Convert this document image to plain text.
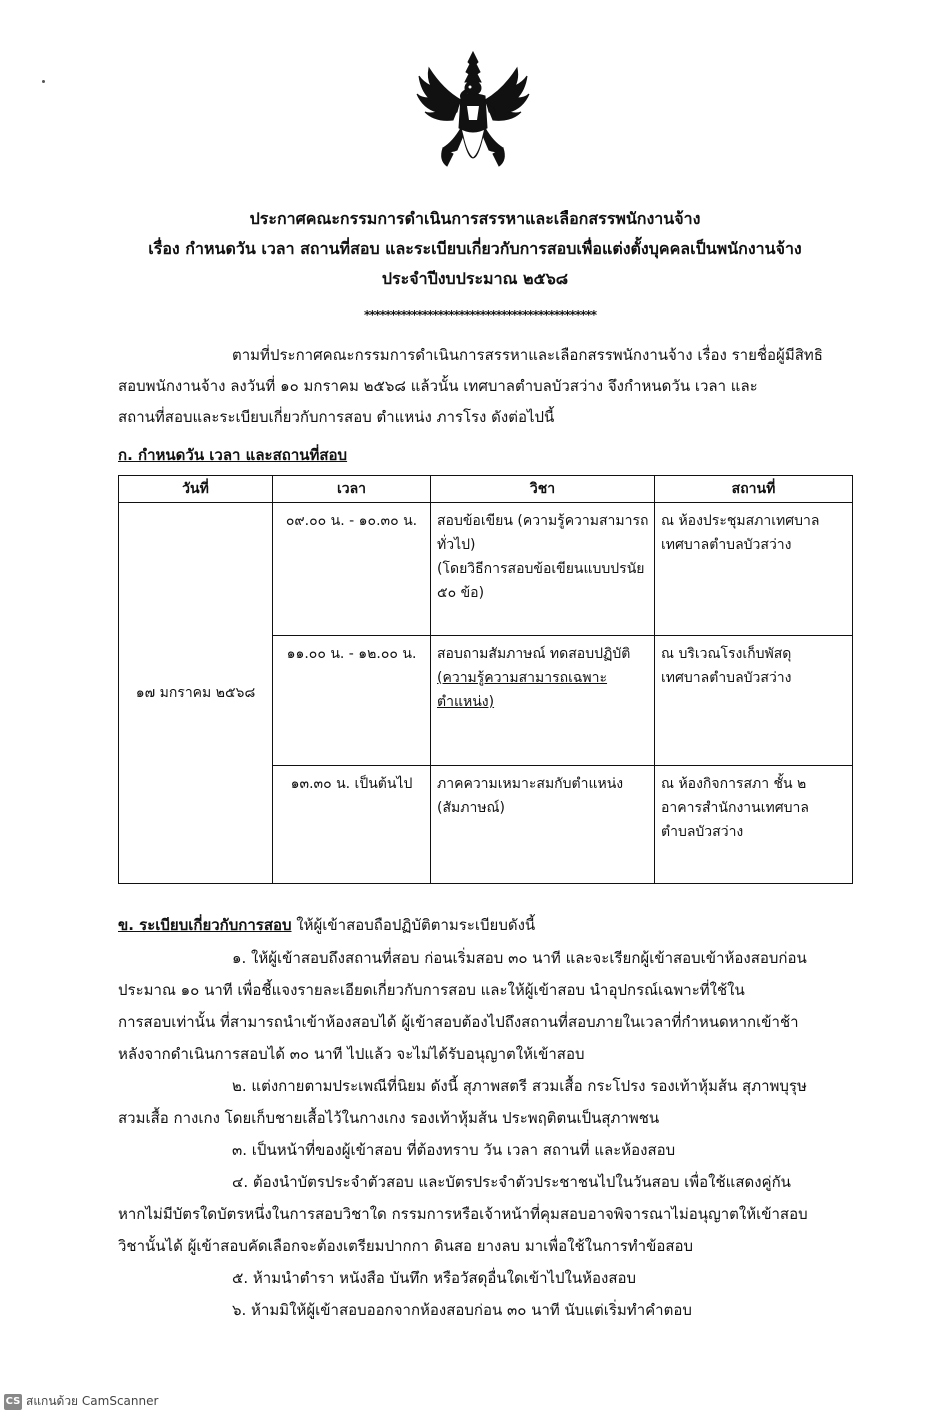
ประกาศคณะกรรมการดำเนินการสรรหาและเลือกสรรพนักงานจ้าง
เรื่อง กำหนดวัน เวลา สถานที่สอบ และระเบียบเกี่ยวกับการสอบเพื่อแต่งตั้งบุคคลเป็นพนักงานจ้าง
ประจำปีงบประมาณ ๒๕๖๘
********************************************
ตามที่ประกาศคณะกรรมการดำเนินการสรรหาและเลือกสรรพนักงานจ้าง เรื่อง รายชื่อผู้มีสิทธิ
สอบพนักงานจ้าง ลงวันที่ ๑๐ มกราคม ๒๕๖๘ แล้วนั้น เทศบาลตำบลบัวสว่าง จึงกำหนดวัน เวลา และ
สถานที่สอบและระเบียบเกี่ยวกับการสอบ ตำแหน่ง ภารโรง ดังต่อไปนี้
ก. กำหนดวัน เวลา และสถานที่สอบ
วันที่	เวลา	วิชา	สถานที่
๑๗ มกราคม ๒๕๖๘	๐๙.๐๐ น. - ๑๐.๓๐ น.	สอบข้อเขียน (ความรู้ความสามารถ
ทั่วไป)
(โดยวิธีการสอบข้อเขียนแบบปรนัย
๕๐ ข้อ)	ณ ห้องประชุมสภาเทศบาล
เทศบาลตำบลบัวสว่าง

	๑๑.๐๐ น. - ๑๒.๐๐ น.	สอบถามสัมภาษณ์ ทดสอบปฏิบัติ
(ความรู้ความสามารถเฉพาะ
ตำแหน่ง)	ณ บริเวณโรงเก็บพัสดุ
เทศบาลตำบลบัวสว่าง

	๑๓.๓๐ น. เป็นต้นไป	ภาคความเหมาะสมกับตำแหน่ง
(สัมภาษณ์)	ณ ห้องกิจการสภา ชั้น ๒
อาคารสำนักงานเทศบาล
ตำบลบัวสว่าง
ข. ระเบียบเกี่ยวกับการสอบ ให้ผู้เข้าสอบถือปฏิบัติตามระเบียบดังนี้
๑. ให้ผู้เข้าสอบถึงสถานที่สอบ ก่อนเริ่มสอบ ๓๐ นาที และจะเรียกผู้เข้าสอบเข้าห้องสอบก่อน
ประมาณ ๑๐ นาที เพื่อชี้แจงรายละเอียดเกี่ยวกับการสอบ และให้ผู้เข้าสอบ นำอุปกรณ์เฉพาะที่ใช้ใน
การสอบเท่านั้น ที่สามารถนำเข้าห้องสอบได้ ผู้เข้าสอบต้องไปถึงสถานที่สอบภายในเวลาที่กำหนดหากเข้าช้า
หลังจากดำเนินการสอบได้ ๓๐ นาที ไปแล้ว จะไม่ได้รับอนุญาตให้เข้าสอบ
๒. แต่งกายตามประเพณีที่นิยม ดังนี้ สุภาพสตรี สวมเสื้อ กระโปรง รองเท้าหุ้มส้น สุภาพบุรุษ
สวมเสื้อ กางเกง โดยเก็บชายเสื้อไว้ในกางเกง รองเท้าหุ้มส้น ประพฤติตนเป็นสุภาพชน
๓. เป็นหน้าที่ของผู้เข้าสอบ ที่ต้องทราบ วัน เวลา สถานที่ และห้องสอบ
๔. ต้องนำบัตรประจำตัวสอบ และบัตรประจำตัวประชาชนไปในวันสอบ เพื่อใช้แสดงคู่กัน
หากไม่มีบัตรใดบัตรหนึ่งในการสอบวิชาใด กรรมการหรือเจ้าหน้าที่คุมสอบอาจพิจารณาไม่อนุญาตให้เข้าสอบ
วิชานั้นได้ ผู้เข้าสอบคัดเลือกจะต้องเตรียมปากกา ดินสอ ยางลบ มาเพื่อใช้ในการทำข้อสอบ
๕. ห้ามนำตำรา หนังสือ บันทึก หรือวัสดุอื่นใดเข้าไปในห้องสอบ
๖. ห้ามมิให้ผู้เข้าสอบออกจากห้องสอบก่อน ๓๐ นาที นับแต่เริ่มทำคำตอบ
CS สแกนด้วย CamScanner
